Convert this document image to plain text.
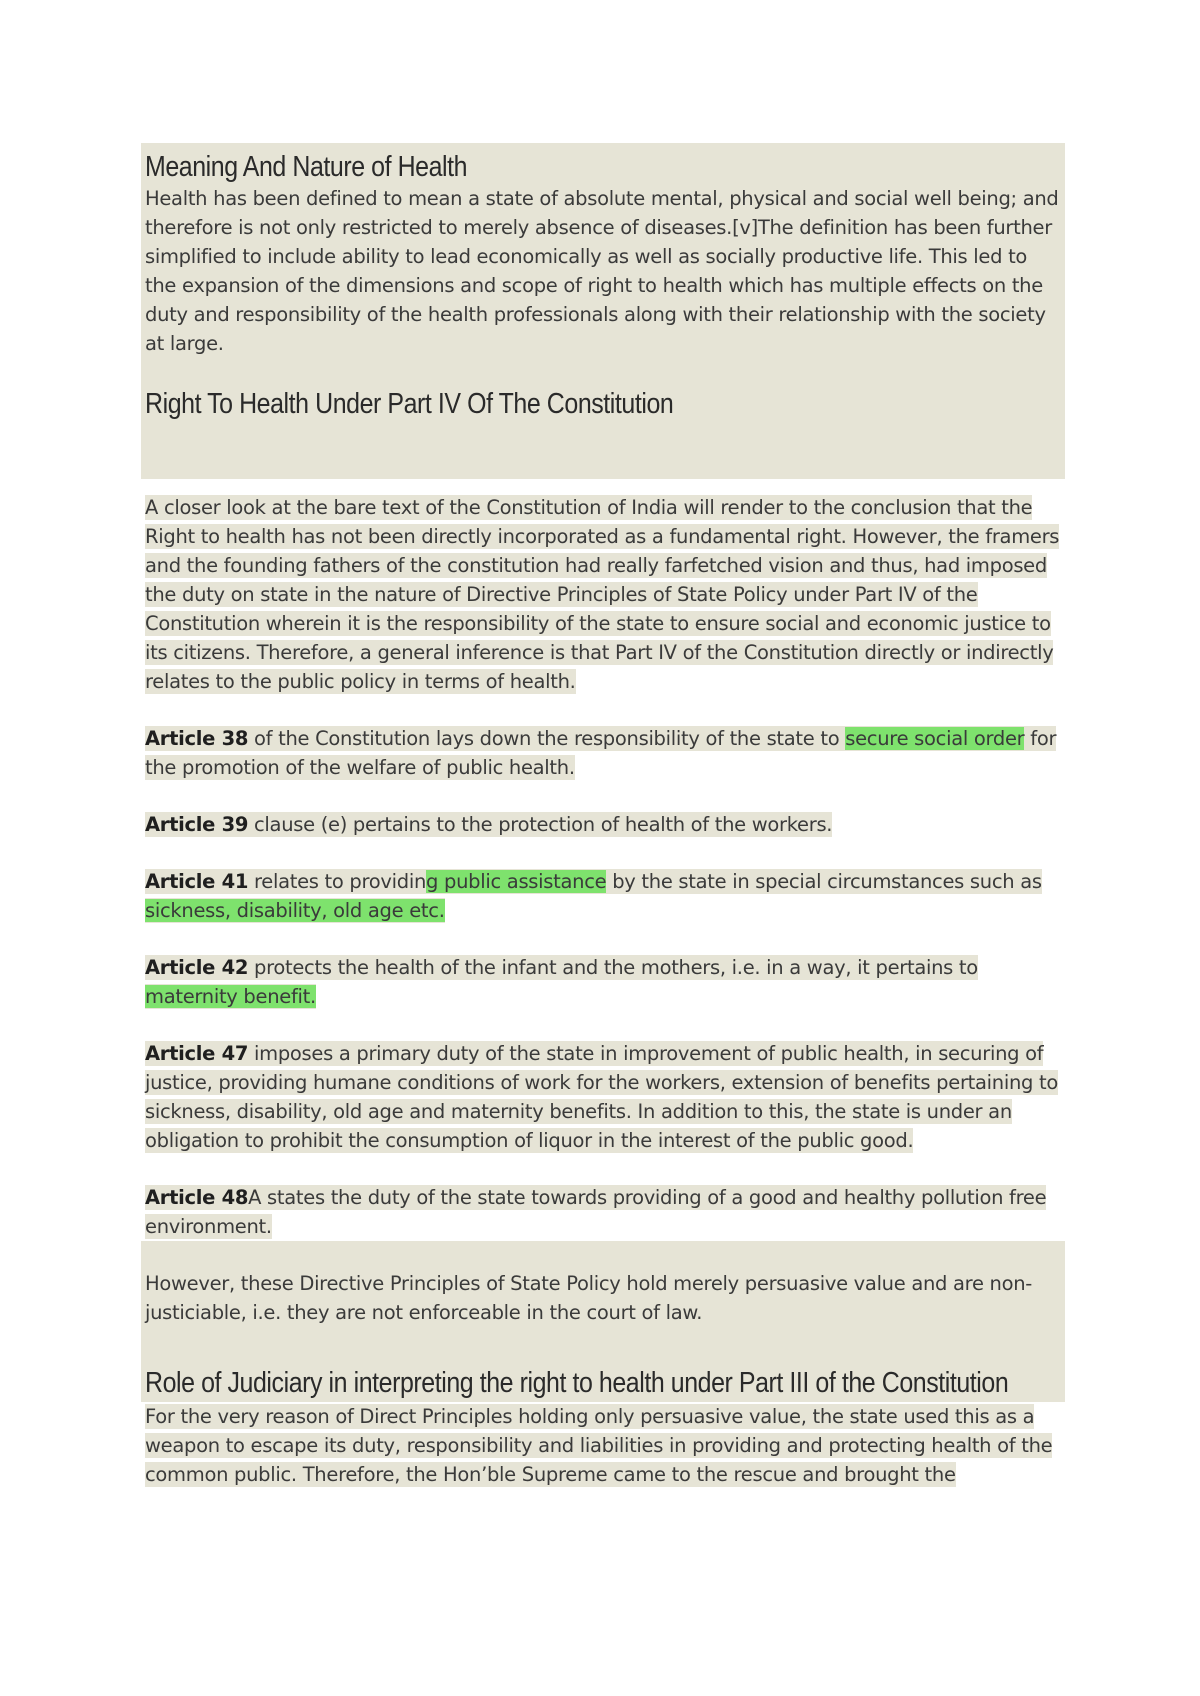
Meaning And Nature of Health

Health has been defined to mean a state of absolute mental, physical and social well being; and therefore is not only restricted to merely absence of diseases.[v]The definition has been further simplified to include ability to lead economically as well as socially productive life. This led to the expansion of the dimensions and scope of right to health which has multiple effects on the duty and responsibility of the health professionals along with their relationship with the society at large.

Right To Health Under Part IV Of The Constitution

A closer look at the bare text of the Constitution of India will render to the conclusion that the Right to health has not been directly incorporated as a fundamental right. However, the framers and the founding fathers of the constitution had really farfetched vision and thus, had imposed the duty on state in the nature of Directive Principles of State Policy under Part IV of the Constitution wherein it is the responsibility of the state to ensure social and economic justice to its citizens. Therefore, a general inference is that Part IV of the Constitution directly or indirectly relates to the public policy in terms of health.

Article 38 of the Constitution lays down the responsibility of the state to secure social order for the promotion of the welfare of public health.

Article 39 clause (e) pertains to the protection of health of the workers.

Article 41 relates to providing public assistance by the state in special circumstances such as sickness, disability, old age etc.

Article 42 protects the health of the infant and the mothers, i.e. in a way, it pertains to maternity benefit.

Article 47 imposes a primary duty of the state in improvement of public health, in securing of justice, providing humane conditions of work for the workers, extension of benefits pertaining to sickness, disability, old age and maternity benefits. In addition to this, the state is under an obligation to prohibit the consumption of liquor in the interest of the public good.

Article 48A states the duty of the state towards providing of a good and healthy pollution free environment.

However, these Directive Principles of State Policy hold merely persuasive value and are non-justiciable, i.e. they are not enforceable in the court of law.

Role of Judiciary in interpreting the right to health under Part III of the Constitution

For the very reason of Direct Principles holding only persuasive value, the state used this as a weapon to escape its duty, responsibility and liabilities in providing and protecting health of the common public. Therefore, the Hon’ble Supreme came to the rescue and brought the
